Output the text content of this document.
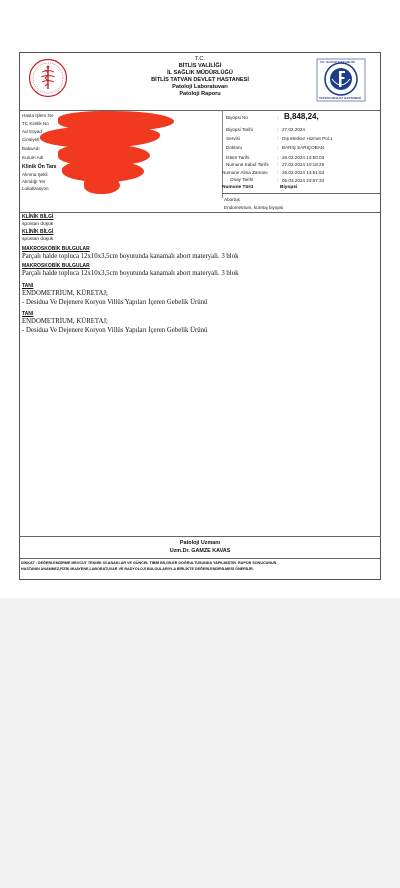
T.C.
BİTLİS VALİLİĞİ
İL SAĞLIK MÜDÜRLÜĞÜ
BİTLİS TATVAN DEVLET HASTANESİ
Patoloji Laboratuvarı
Patoloji Raporu
T.C. SAĞLIK BAKANLIĞI
TATVAN DEVLET HASTANESİ
Hasta İşlem No
TC Kimlik No
Ad Soyad
Cinsiyeti
BabaAdı
Kurum Adı
Klinik Ön Tanı
Alınma Şekli
Alındığı Yer
Lokalizasyon
Biyopsi No	: B,848,24,
Biyopsi Tarihi	: 27.02.2024
Servisi	: Dış Merkez Hizmet Pol.1
Doktoru	: BARIŞ SARIÇOBAN
İstem Tarihi	: 26.02.2024 13:50:03
Numune Kabul Tarihi : 27.02.2024 10:18:29
Numune Alma Zamanı : 26.02.2024 13:51:53
Onay Tarihi	: 05.03.2024 23:57:34
Numune Türü	Biyopsi
Abortus
Endometrium, küretaj biyopsi
KLİNİK BİLGİ
spontan düşük
KLİNİK BİLGİ
spontan düşük
MAKROSKOBİK BULGULAR
Parçalı halde topluca 12x10x3,5cm boyutunda kanamalı abort materyali. 3 blok
MAKROSKOBİK BULGULAR
Parçalı halde topluca 12x10x3,5cm boyutunda kanamalı abort materyali. 3 blok
TANI
ENDOMETRİUM, KÜRETAJ;
- Desidua Ve Dejenere Koryon Villüs Yapıları İçeren Gebelik Ürünü
TANI
ENDOMETRİUM, KÜRETAJ;
- Desidua Ve Dejenere Koryon Villüs Yapıları İçeren Gebelik Ürünü
Patoloji Uzmanı
Uzm.Dr. GAMZE KAVAS
DİKKAT : DEĞERLENDİRME MEVCUT TEKNİK OLANAKLAR VE GÜNCEL TIBBİ BİLGİLER DOĞRULTUSUNDA YAPILMIŞTIR. RAPOR SONUCUNUN
HASTANIN ANAMNEZ,FİZİK MUAYENE,LABORATUVAR VE RADYOLOJİ BULGULARIYLA BİRLİKTE DEĞERLENDİRİLMESİ ÖNERİLİR.
